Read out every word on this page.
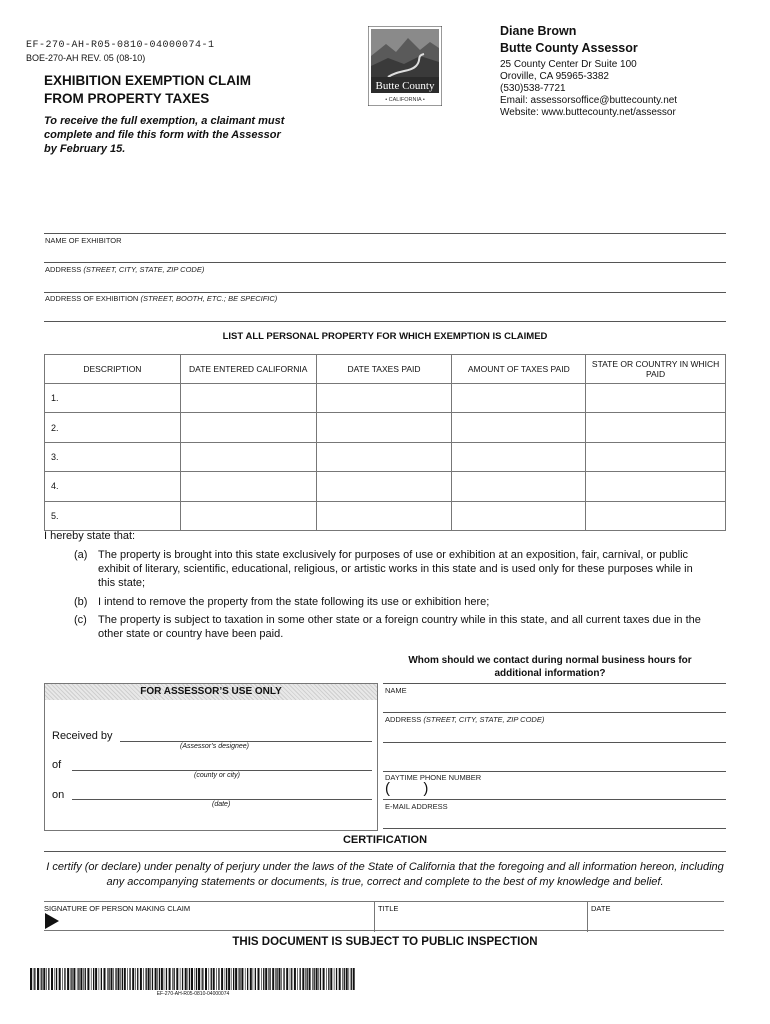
EF-270-AH-R05-0810-04000074-1
BOE-270-AH REV. 05 (08-10)
EXHIBITION EXEMPTION CLAIM
FROM PROPERTY TAXES
To receive the full exemption, a claimant must complete and file this form with the Assessor by February 15.
Butte County
• CALIFORNIA •
Diane Brown
Butte County Assessor
25 County Center Dr Suite 100
Oroville, CA 95965-3382
(530)538-7721
Email: assessorsoffice@buttecounty.net
Website: www.buttecounty.net/assessor
NAME OF EXHIBITOR
ADDRESS (STREET, CITY, STATE, ZIP CODE)
ADDRESS OF EXHIBITION (STREET, BOOTH, ETC.; BE SPECIFIC)
LIST ALL PERSONAL PROPERTY FOR WHICH EXEMPTION IS CLAIMED
DESCRIPTION	DATE ENTERED CALIFORNIA	DATE TAXES PAID	AMOUNT OF TAXES PAID	STATE OR COUNTRY IN WHICH PAID
1.				
2.				
3.				
4.				
5.				
I hereby state that:
(a) The property is brought into this state exclusively for purposes of use or exhibition at an exposition, fair, carnival, or public exhibit of literary, scientific, educational, religious, or artistic works in this state and is used only for these purposes while in this state;
(b) I intend to remove the property from the state following its use or exhibition here;
(c) The property is subject to taxation in some other state or a foreign country while in this state, and all current taxes due in the other state or country have been paid.
Whom should we contact during normal business hours for additional information?
FOR ASSESSOR’S USE ONLY
Received by
(Assessor’s designee)
of
(county or city)
on
(date)
NAME
ADDRESS (STREET, CITY, STATE, ZIP CODE)
DAYTIME PHONE NUMBER
(        )
E-MAIL ADDRESS
CERTIFICATION
I certify (or declare) under penalty of perjury under the laws of the State of California that the foregoing and all information hereon, including any accompanying statements or documents, is true, correct and complete to the best of my knowledge and belief.
SIGNATURE OF PERSON MAKING CLAIM	TITLE	DATE
THIS DOCUMENT IS SUBJECT TO PUBLIC INSPECTION
EF-270-AH-R05-0810-04000074
